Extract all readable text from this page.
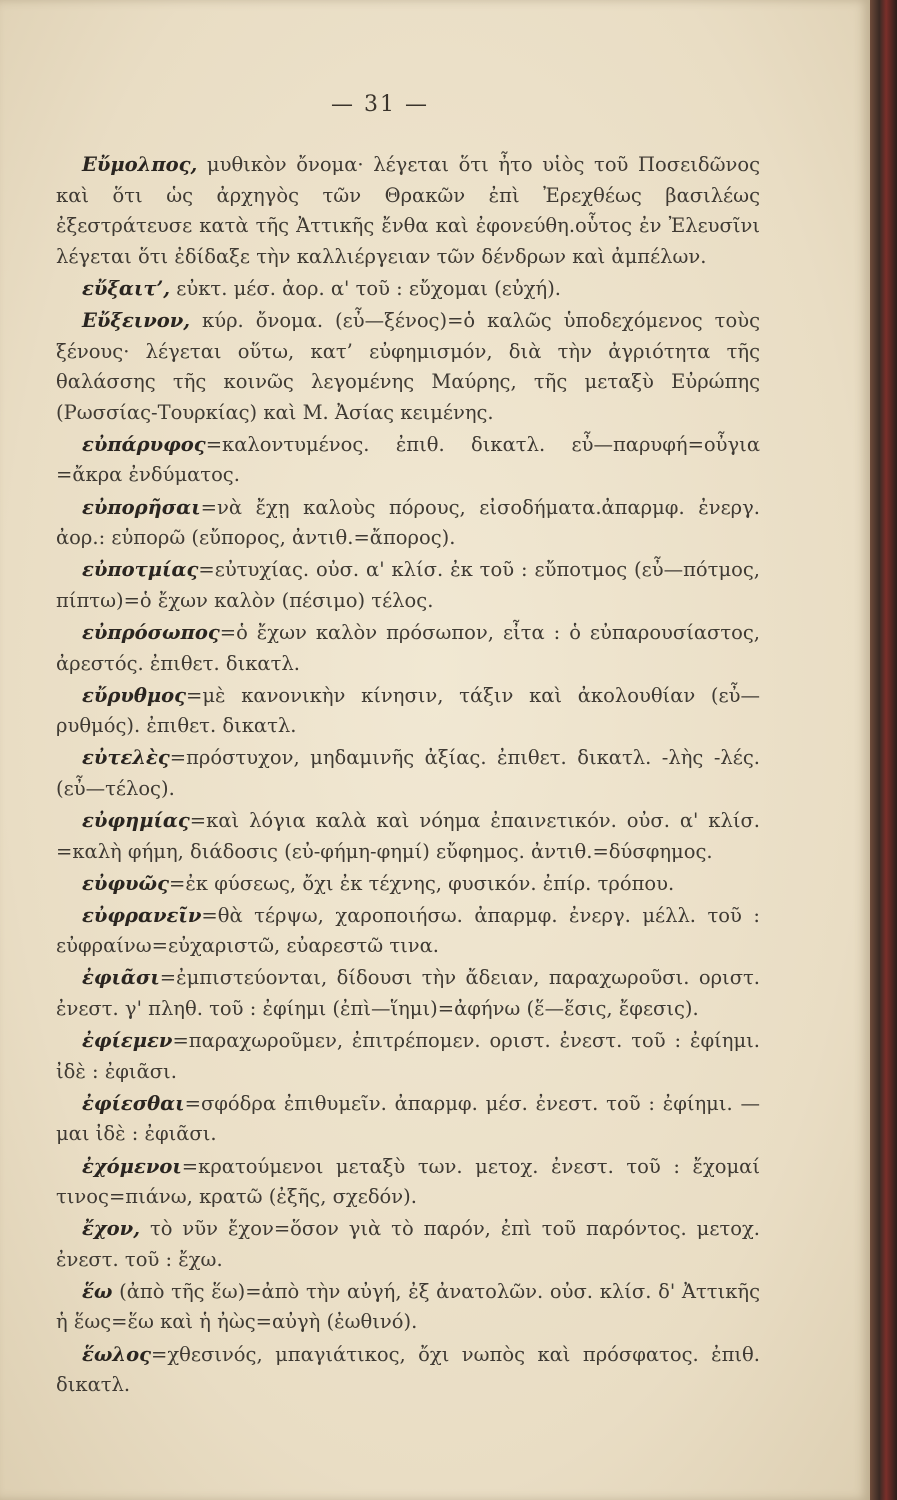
— 31 —

Εὔμολπος, μυθικὸν ὄνομα· λέγεται ὅτι ἦτο υἱὸς τοῦ Ποσειδῶνος καὶ ὅτι ὡς ἀρχηγὸς τῶν Θρακῶν ἐπὶ Ἐρεχθέως βασιλέως ἐξεστράτευσε κατὰ τῆς Ἀττικῆς ἔνθα καὶ ἐφονεύθη.οὗτος ἐν Ἐλευσῖνι λέγεται ὅτι ἐδίδαξε τὴν καλλιέργειαν τῶν δένδρων καὶ ἀμπέλων.

εὔξαιτ’, εὐκτ. μέσ. ἀορ. α' τοῦ : εὔχομαι (εὐχή).

Εὔξεινον, κύρ. ὄνομα. (εὖ—ξένος)=ὁ καλῶς ὑποδεχόμενος τοὺς ξένους· λέγεται οὕτω, κατ’ εὐφημισμόν, διὰ τὴν ἀγριότητα τῆς θαλάσσης τῆς κοινῶς λεγομένης Μαύρης, τῆς μεταξὺ Εὐρώπης (Ρωσσίας-Τουρκίας) καὶ Μ. Ἀσίας κειμένης.

εὐπάρυφος=καλοντυμένος. ἐπιθ. δικατλ. εὖ—παρυφή=οὖγια =ἄκρα ἐνδύματος.

εὐπορῆσαι=νὰ ἔχῃ καλοὺς πόρους, εἰσοδήματα.ἀπαρμφ. ἐνεργ. ἀορ.: εὐπορῶ (εὔπορος, ἀντιθ.=ἄπορος).

εὐποτμίας=εὐτυχίας. οὐσ. α' κλίσ. ἐκ τοῦ : εὔποτμος (εὖ—πότμος, πίπτω)=ὁ ἔχων καλὸν (πέσιμο) τέλος.

εὐπρόσωπος=ὁ ἔχων καλὸν πρόσωπον, εἶτα : ὁ εὐπαρουσίαστος, ἀρεστός. ἐπιθετ. δικατλ.

εὔρυθμος=μὲ κανονικὴν κίνησιν, τάξιν καὶ ἀκολουθίαν (εὖ—ρυθμός). ἐπιθετ. δικατλ.

εὐτελὲς=πρόστυχον, μηδαμινῆς ἀξίας. ἐπιθετ. δικατλ. -λὴς -λές. (εὖ—τέλος).

εὐφημίας=καὶ λόγια καλὰ καὶ νόημα ἐπαινετικόν. οὐσ. α' κλίσ. =καλὴ φήμη, διάδοσις (εὐ-φήμη-φημί) εὔφημος. ἀντιθ.=δύσφημος.

εὐφυῶς=ἐκ φύσεως, ὄχι ἐκ τέχνης, φυσικόν. ἐπίρ. τρόπου.

εὐφρανεῖν=θὰ τέρψω, χαροποιήσω. ἀπαρμφ. ἐνεργ. μέλλ. τοῦ : εὐφραίνω=εὐχαριστῶ, εὐαρεστῶ τινα.

ἐφιᾶσι=ἐμπιστεύονται, δίδουσι τὴν ἄδειαν, παραχωροῦσι. οριστ. ἐνεστ. γ' πληθ. τοῦ : ἐφίημι (ἐπὶ—ἵημι)=ἀφήνω (ἕ—ἕσις, ἔφεσις).

ἐφίεμεν=παραχωροῦμεν, ἐπιτρέπομεν. οριστ. ἐνεστ. τοῦ : ἐφίημι. ἰδὲ : ἐφιᾶσι.

ἐφίεσθαι=σφόδρα ἐπιθυμεῖν. ἀπαρμφ. μέσ. ἐνεστ. τοῦ : ἐφίημι. —μαι ἰδὲ : ἐφιᾶσι.

ἐχόμενοι=κρατούμενοι μεταξὺ των. μετοχ. ἐνεστ. τοῦ : ἔχομαί τινος=πιάνω, κρατῶ (ἐξῆς, σχεδόν).

ἔχον, τὸ νῦν ἔχον=ὅσον γιὰ τὸ παρόν, ἐπὶ τοῦ παρόντος. μετοχ. ἐνεστ. τοῦ : ἔχω.

ἕω (ἀπὸ τῆς ἕω)=ἀπὸ τὴν αὐγή, ἐξ ἀνατολῶν. οὐσ. κλίσ. δ' Ἀττικῆς ἡ ἕως=ἕω καὶ ἡ ἠὼς=αὐγὴ (ἐωθινό).

ἕωλος=χθεσινός, μπαγιάτικος, ὄχι νωπὸς καὶ πρόσφατος. ἐπιθ. δικατλ.
